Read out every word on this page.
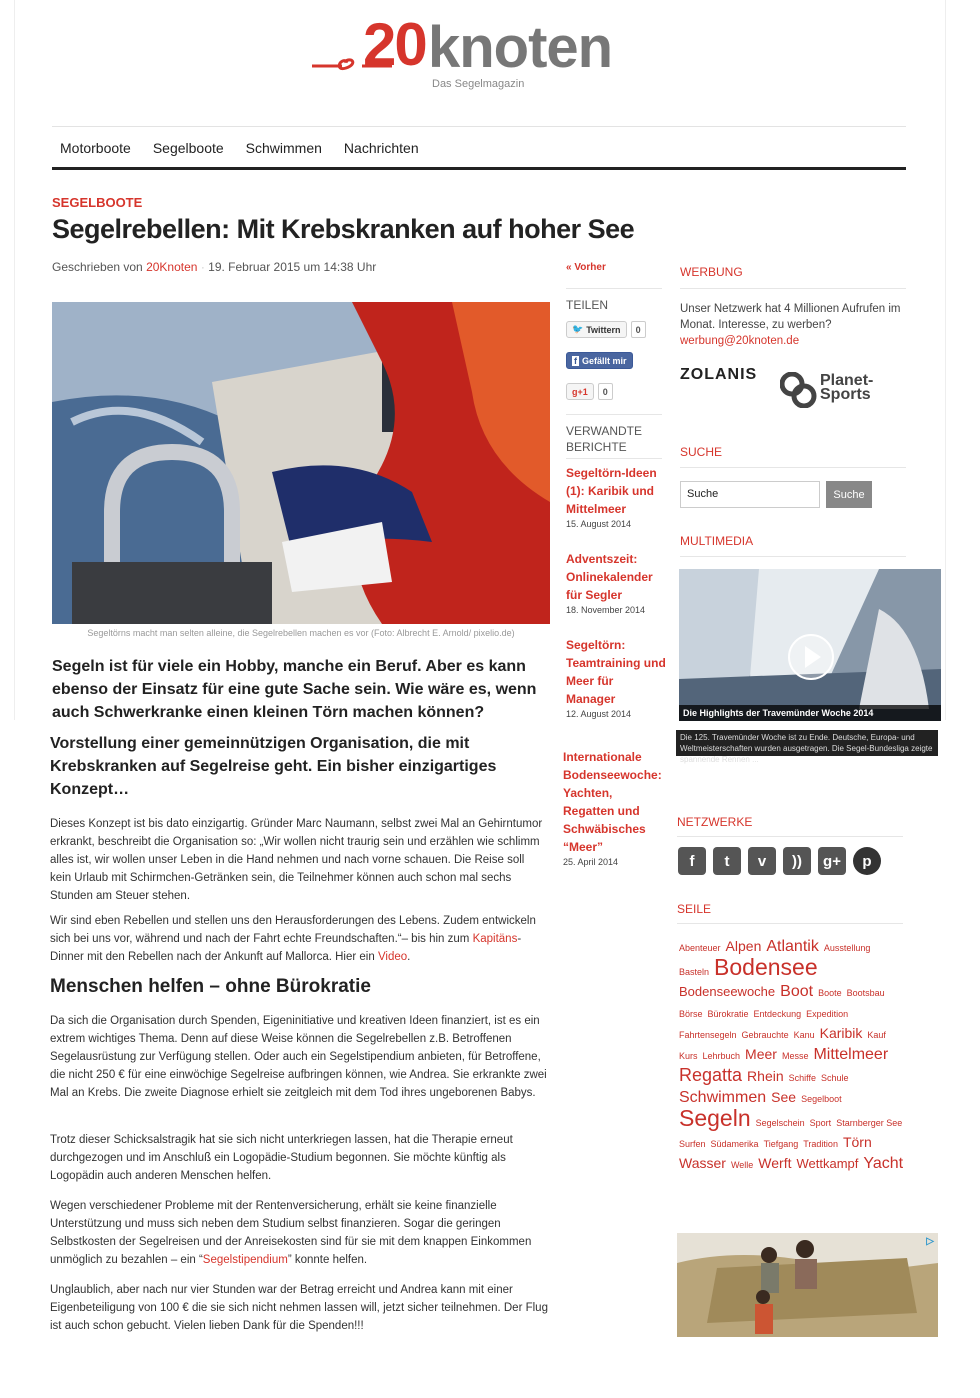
20 knoten
Das Segelmagazin
Motorboote Segelboote Schwimmen Nachrichten
SEGELBOOTE
Segelrebellen: Mit Krebskranken auf hoher See
Geschrieben von 20Knoten · 19. Februar 2015 um 14:38 Uhr
Segeltörns macht man selten alleine, die Segelrebellen machen es vor (Foto: Albrecht E. Arnold/ pixelio.de)

Segeln ist für viele ein Hobby, manche ein Beruf. Aber es kann ebenso der Einsatz für eine gute Sache sein. Wie wäre es, wenn auch Schwerkranke einen kleinen Törn machen können?

Vorstellung einer gemeinnützigen Organisation, die mit Krebskranken auf Segelreise geht. Ein bisher einzigartiges Konzept…

Dieses Konzept ist bis dato einzigartig. Gründer Marc Naumann, selbst zwei Mal an Gehirntumor erkrankt, beschreibt die Organisation so: „Wir wollen nicht traurig sein und erzählen wie schlimm alles ist, wir wollen unser Leben in die Hand nehmen und nach vorne schauen. Die Reise soll kein Urlaub mit Schirmchen-Getränken sein, die Teilnehmer können auch schon mal sechs Stunden am Steuer stehen.

Wir sind eben Rebellen und stellen uns den Herausforderungen des Lebens. Zudem entwickeln sich bei uns vor, während und nach der Fahrt echte Freundschaften.“– bis hin zum Kapitäns-Dinner mit den Rebellen nach der Ankunft auf Mallorca. Hier ein Video.

Menschen helfen – ohne Bürokratie

Da sich die Organisation durch Spenden, Eigeninitiative und kreativen Ideen finanziert, ist es ein extrem wichtiges Thema. Denn auf diese Weise können die Segelrebellen z.B. Betroffenen Segelausrüstung zur Verfügung stellen. Oder auch ein Segelstipendium anbieten, für Betroffene, die nicht 250 € für eine einwöchige Segelreise aufbringen können, wie Andrea. Sie erkrankte zwei Mal an Krebs. Die zweite Diagnose erhielt sie zeitgleich mit dem Tod ihres ungeborenen Babys.

Trotz dieser Schicksalstragik hat sie sich nicht unterkriegen lassen, hat die Therapie erneut durchgezogen und im Anschluß ein Logopädie-Studium begonnen. Sie möchte künftig als Logopädin auch anderen Menschen helfen.

Wegen verschiedener Probleme mit der Rentenversicherung, erhält sie keine finanzielle Unterstützung und muss sich neben dem Studium selbst finanzieren. Sogar die geringen Selbstkosten der Segelreisen und der Anreisekosten sind für sie mit dem knappen Einkommen unmöglich zu bezahlen – ein “Segelstipendium” konnte helfen.

Unglaublich, aber nach nur vier Stunden war der Betrag erreicht und Andrea kann mit einer Eigenbeteiligung von 100 € die sie sich nicht nehmen lassen will, jetzt sicher teilnehmen. Der Flug ist auch schon gebucht. Vielen lieben Dank für die Spenden!!!

« Vorher
TEILEN
🐦 Twittern	0
f Gefällt mir
g +1	0
VERWANDTE BERICHTE
Segeltörn-Ideen (1): Karibik und Mittelmeer
15. August 2014
Adventszeit: Onlinekalender für Segler
18. November 2014
Segeltörn: Teamtraining und Meer für Manager
12. August 2014
Internationale Bodenseewoche: Yachten, Regatten und Schwäbisches “Meer”
25. April 2014
WERBUNG
Unser Netzwerk hat 4 Millionen Aufrufen im Monat. Interesse, zu werben? werbung@20knoten.de
ZOLANIS	Planet-
Sports
SUCHE
Suche	Suche
MULTIMEDIA
Die Highlights der Travemünder Woche 2014
Die 125. Travemünder Woche ist zu Ende. Deutsche, Europa- und Weltmeisterschaften wurden ausgetragen. Die Segel-Bundesliga zeigte spannende Rennen ...
NETZWERKE
f	t	v	))	g+	p
SEILE
Abenteuer Alpen Atlantik AusstellungBasteln BodenseeBodenseewoche Boot Boote BootsbauBörse Bürokratie Entdeckung ExpeditionFahrtensegeln Gebrauchte Kanu Karibik KaufKurs Lehrbuch Meer Messe MittelmeerRegatta Rhein Schiffe SchuleSchwimmen See SegelbootSegeln Segelschein Sport Starnberger SeeSurfen Südamerika Tiefgang Tradition TörnWasser Welle Werft Wettkampf Yacht
▷
